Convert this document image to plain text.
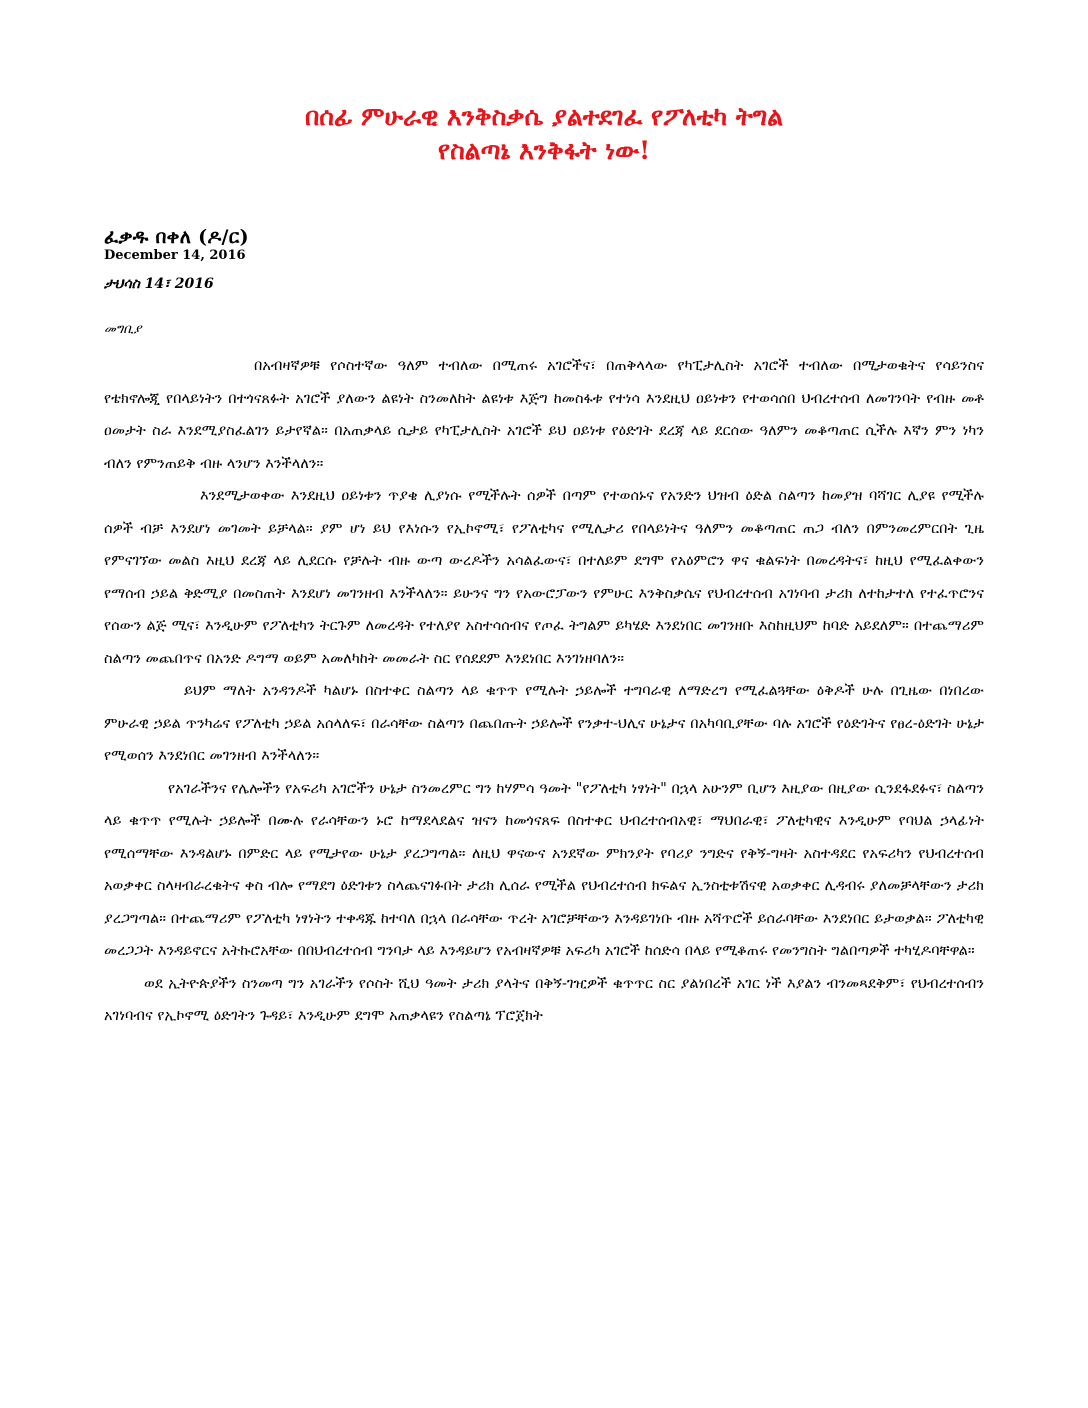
በሰፊ ምሁራዊ እንቅስቃሴ ያልተደገፈ የፖለቲካ ትግል
የስልጣኔ እንቅፋት ነው!
ፈቃዱ በቀለ (ዶ/ር)
December 14, 2016
ታህሳስ 14፣ 2016
መግቢያ

በአብዛኛዎቹ የሶስተኛው ዓለም ተብለው በሚጠሩ አገሮችና፣ በጠቅላላው የካፒታሊስት አገሮች ተብለው በሚታወቁትና የሳይንስና የቴክኖሎጂ የበላይነትን በተጎናጸፉት አገሮች ያለውን ልዩነት ስንመለከት ልዩነቱ እጅግ ከመስፋቱ የተነሳ እንደዚህ ዐይነቱን የተወሳሰበ ህብረተሰብ ለመገንባት የብዙ መቶ ዐመታት ስራ እንደሚያስፈልገን ይታየኛል። በአጠቃላይ ሲታይ የካፒታሊስት አገሮች ይህ ዐይነቱ የዕድገት ደረጃ ላይ ደርሰው ዓለምን መቆጣጠር ሲችሉ እኛን ምን ነካን ብለን የምንጠይቅ ብዙ ላንሆን እንችላለን።

እንደሚታወቀው እንደዚህ ዐይነቱን ጥያቄ ሊያነሱ የሚችሉት ሰዎች በጣም የተወሰኑና የአንድን ህዝብ ዕድል ስልጣን ከመያዝ ባሻገር ሊያዩ የሚችሉ ሰዎች ብቻ እንደሆነ መገመት ይቻላል። ያም ሆነ ይህ የእነሱን የኢኮኖሚ፣ የፖለቲካና የሚሊታሪ የበላይነትና ዓለምን መቆጣጠር ጠጋ ብለን በምንመረምርበት ጊዜ የምናገኘው መልስ እዚህ ደረጃ ላይ ሊደርሱ የቻሉት ብዙ ውጣ ውረዶችን አሳልፈውና፣ በተለይም ደግሞ የአዕምሮን ዋና ቁልፍነት በመረዳትና፣ ከዚህ የሚፈልቀውን የማሰብ ኃይል ቅድሚያ በመስጠት እንደሆነ መገንዘብ እንችላለን። ይሁንና ግን የአውሮፓውን የምሁር እንቅስቃሴና የህብረተሰብ አገነባብ ታሪክ ለተከታተለ የተፈጥሮንና የሰውን ልጅ ሚና፣ እንዲሁም የፖለቲካን ትርጉም ለመረዳት የተለያየ አስተሳሰብና የጦፈ ትግልም ይካሄድ እንደነበር መገንዘቡ እስከዚህም ከባድ አይደለም። በተጨማሪም ስልጣን መጨበጥና በአንድ ዶግማ ወይም አመለካከት መመራት ስር የሰደደም እንደነበር እንገነዘባለን።

ይህም ማለት አንዳንዶች ካልሆኑ በስተቀር ስልጣን ላይ ቁጥጥ የሚሉት ኃይሎች ተግባራዊ ለማድረግ የሚፈልጓቸው ዕቅዶች ሁሉ በጊዜው በነበረው ምሁራዊ ኃይል ጥንካሬና የፖለቲካ ኃይል አሰላለፍ፣ በራሳቸው ስልጣን በጨበጡት ኃይሎች የንቃተ-ህሊና ሁኔታና በአካባቢያቸው ባሉ አገሮች የዕድገትና የፀረ-ዕድገት ሁኔታ የሚወሰን እንደነበር መገንዘብ እንችላለን።

የአገራችንና የሌሎችን የአፍሪካ አገሮችን ሁኔታ ስንመረምር ግን ከሃምሳ ዓመት "የፖለቲካ ነፃነት" በኋላ አሁንም ቢሆን እዚያው በዚያው ሲንደፋደፉና፣ ስልጣን ላይ ቁጥጥ የሚሉት ኃይሎች በሙሉ የራሳቸውን ኑሮ ከማደላደልና ዝናን ከመጎናጸፍ በስተቀር ህብረተሰብአዊ፣ ማህበራዊ፣ ፖለቲካዊና እንዲሁም የባህል ኃላፊነት የሚሰማቸው እንዳልሆኑ በምድር ላይ የሚታየው ሁኔታ ያረጋግጣል። ለዚህ ዋናውና አንደኛው ምክንያት የባሪያ ንግድና የቅኝ-ግዛት አስተዳደር የአፍሪካን የህብረተሰብ አወቃቀር ስላዛብራረቁትና ቀስ ብሎ የማደግ ዕድገቱን ስላጨናገፉበት ታሪክ ሊሰራ የሚችል የህብረተሰብ ክፍልና ኢንስቲቱሽናዊ አወቃቀር ሊዳብሩ ያለመቻላቸውን ታሪክ ያረጋግጣል። በተጨማሪም የፖለቲካ ነፃነትን ተቀዳጁ ከተባለ በኋላ በራሳቸው ጥረት አገሮቻቸውን እንዳይገነቡ ብዙ አሻጥሮች ይሰራባቸው እንደነበር ይታወቃል። ፖለቲካዊ መረጋጋት እንዳይኖርና አትኩሮአቸው በበህብረተሰብ ግንባታ ላይ እንዳይሆን የአብዛኛዎቹ አፍሪካ አገሮች ከሰድሳ በላይ የሚቆጠሩ የመንግስት ግልበጣዎች ተካሂዶባቸዋል።

ወደ ኢትዮጵያችን ስንመጣ ግን አገራችን የሶስት ሺህ ዓመት ታሪክ ያላትና በቅኝ-ገዢዎች ቁጥጥር ስር ያልነበረች አገር ነች እያልን ብንመጻደቅም፣ የህብረተሰብን አገነባብና የኢኮኖሚ ዕድገትን ጉዳይ፣ እንዲሁም ደግሞ አጠቃላዩን የስልጣኔ ፕሮጀክት
